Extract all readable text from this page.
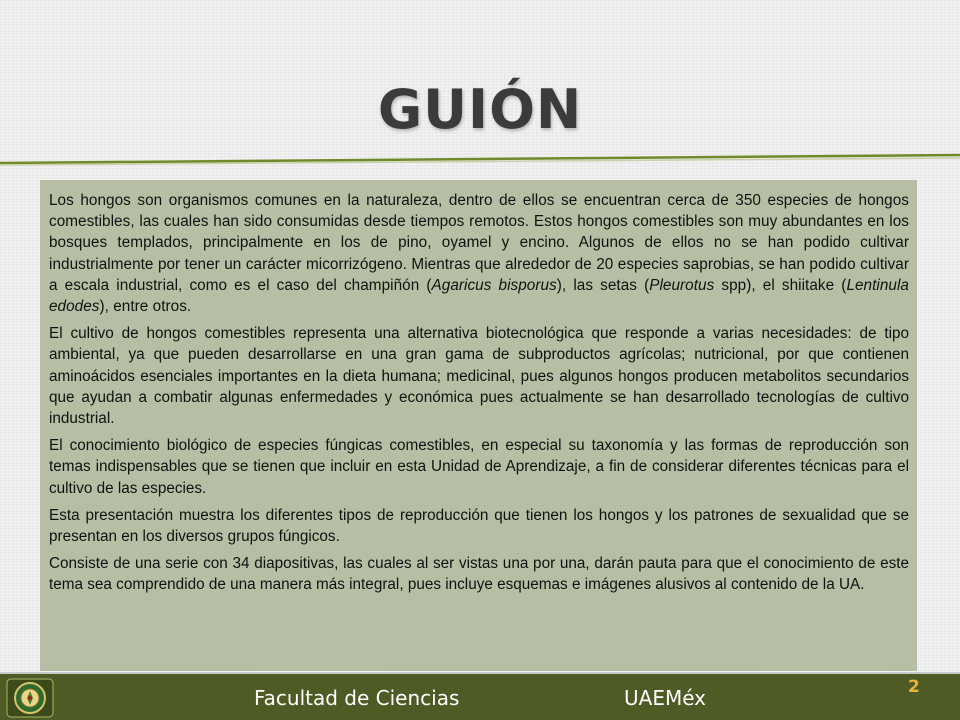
GUIÓN

Los hongos son organismos comunes en la naturaleza, dentro de ellos se encuentran cerca de 350 especies de hongos comestibles, las cuales han sido consumidas desde tiempos remotos. Estos hongos comestibles son muy abundantes en los bosques templados, principalmente en los de pino, oyamel y encino. Algunos de ellos no se han podido cultivar industrialmente por tener un carácter micorrizógeno. Mientras que alrededor de 20 especies saprobias, se han podido cultivar a escala industrial, como es el caso del champiñón (Agaricus bisporus), las setas (Pleurotus spp), el shiitake (Lentinula edodes), entre otros.

El cultivo de hongos comestibles representa una alternativa biotecnológica que responde a varias necesidades: de tipo ambiental, ya que pueden desarrollarse en una gran gama de subproductos agrícolas; nutricional, por que contienen aminoácidos esenciales importantes en la dieta humana; medicinal, pues algunos hongos producen metabolitos secundarios que ayudan a combatir algunas enfermedades y económica pues actualmente se han desarrollado tecnologías de cultivo industrial.

El conocimiento biológico de especies fúngicas comestibles, en especial su taxonomía y las formas de reproducción son temas indispensables que se tienen que incluir en esta Unidad de Aprendizaje, a fin de considerar diferentes técnicas para el cultivo de las especies.

Esta presentación muestra los diferentes tipos de reproducción que tienen los hongos y los patrones de sexualidad que se presentan en los diversos grupos fúngicos.

Consiste de una serie con 34 diapositivas, las cuales al ser vistas una por una, darán pauta para que el conocimiento de este tema sea comprendido de una manera más integral, pues incluye esquemas e imágenes alusivos al contenido de la UA.

Facultad de Ciencias	UAEMéx	2
